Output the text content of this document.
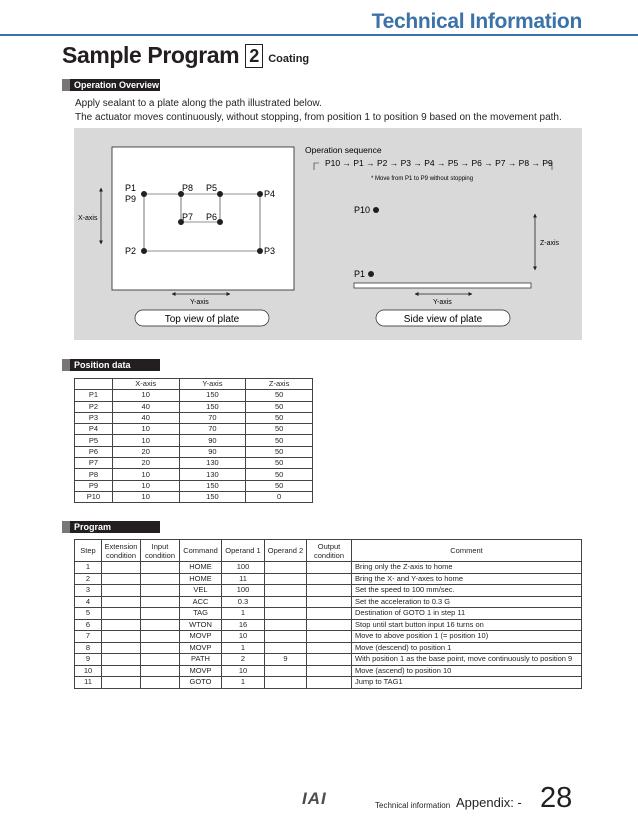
Technical Information
Sample Program 2 Coating
Operation Overview
Apply sealant to a plate along the path illustrated below.
The actuator moves continuously, without stopping, from position 1 to position 9 based on the movement path.
P1
P9
P8 P5
P4
P7 P6
P2	P3
X-axis
Y-axis
Top view of plate
Operation sequence
P10 → P1 → P2 → P3 → P4 → P5 → P6 → P7 → P8 → P9
* Move from P1 to P9 without stopping
P10
P1
Z-axis
Y-axis
Side view of plate
Position data
	X-axis	Y-axis	Z-axis
P1	10	150	50
P2	40	150	50
P3	40	70	50
P4	10	70	50
P5	10	90	50
P6	20	90	50
P7	20	130	50
P8	10	130	50
P9	10	150	50
P10	10	150	0
Program
Step	Extension condition	Input condition	Command	Operand 1	Operand 2	Output condition	Comment
1			HOME	100			Bring only the Z-axis to home
2			HOME	11			Bring the X- and Y-axes to home
3			VEL	100			Set the speed to 100 mm/sec.
4			ACC	0.3			Set the acceleration to 0.3 G
5			TAG	1			Destination of GOTO 1 in step 11
6			WTON	16			Stop until start button input 16 turns on
7			MOVP	10			Move to above position 1 (= position 10)
8			MOVP	1			Move (descend) to position 1
9			PATH	2	9		With position 1 as the base point, move continuously to position 9
10			MOVP	10			Move (ascend) to position 10
11			GOTO	1			Jump to TAG1
IAI	Technical information Appendix: - 28
